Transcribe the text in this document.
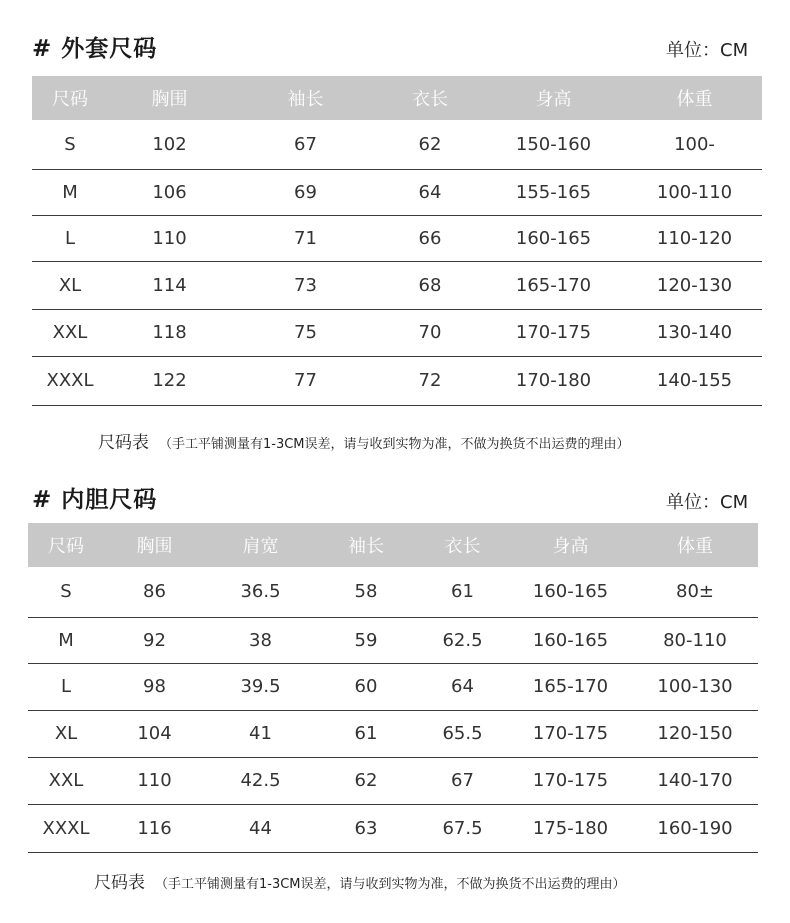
# 外套尺码	单位：CM
尺码	胸围	袖长	衣长	身高	体重
S	102	67	62	150-160	100-
M	106	69	64	155-165	100-110
L	110	71	66	160-165	110-120
XL	114	73	68	165-170	120-130
XXL	118	75	70	170-175	130-140
XXXL	122	77	72	170-180	140-155
尺码表 （手工平铺测量有1-3CM误差，请与收到实物为准，不做为换货不出运费的理由）
# 内胆尺码	单位：CM
尺码	胸围	肩宽	袖长	衣长	身高	体重
S	86	36.5	58	61	160-165	80±
M	92	38	59	62.5	160-165	80-110
L	98	39.5	60	64	165-170	100-130
XL	104	41	61	65.5	170-175	120-150
XXL	110	42.5	62	67	170-175	140-170
XXXL	116	44	63	67.5	175-180	160-190
尺码表 （手工平铺测量有1-3CM误差，请与收到实物为准，不做为换货不出运费的理由）
